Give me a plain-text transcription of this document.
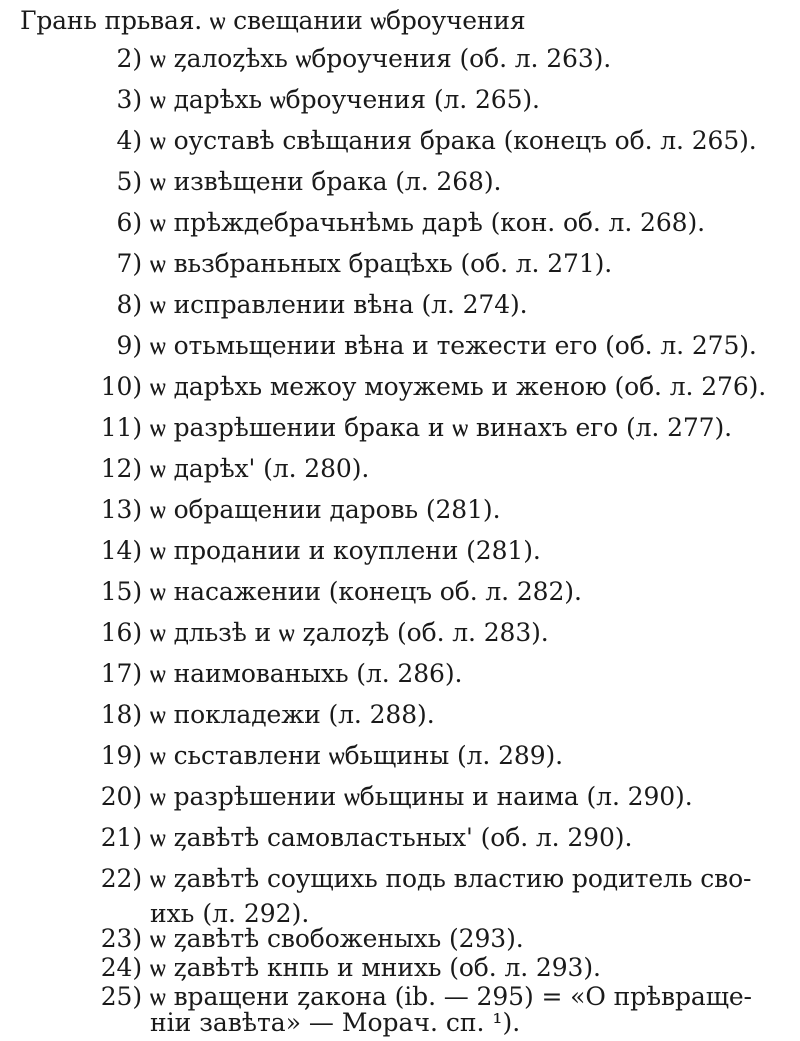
Грань прьвая. ѡ свещании ѡброучения
2) ѡ ȥалоȥѣхь ѡброучения (об. л. 263).
3) ѡ дарѣхь ѡброучения (л. 265).
4) ѡ оуставѣ свѣщания брака (конецъ об. л. 265).
5) ѡ извѣщени брака (л. 268).
6) ѡ прѣждебрачьнѣмь дарѣ (кон. об. л. 268).
7) ѡ вьзбраньных брацѣхь (об. л. 271).
8) ѡ исправлении вѣна (л. 274).
9) ѡ отьмьщении вѣна и тежести его (об. л. 275).
10) ѡ дарѣхь межоу моужемь и женою (об. л. 276).
11) ѡ разрѣшении брака и ѡ винахъ его (л. 277).
12) ѡ дарѣх' (л. 280).
13) ѡ обращении даровь (281).
14) ѡ продании и коуплени (281).
15) ѡ насажении (конецъ об. л. 282).
16) ѡ дльзѣ и ѡ ȥалоȥѣ (об. л. 283).
17) ѡ наимованыхь (л. 286).
18) ѡ покладежи (л. 288).
19) ѡ сьставлени ѡбьщины (л. 289).
20) ѡ разрѣшении ѡбьщины и наима (л. 290).
21) ѡ ȥавѣтѣ самовластьных' (об. л. 290).
22) ѡ ȥавѣтѣ соущихь подь властию родитель сво-
ихь (л. 292).
23) ѡ ȥавѣтѣ свобоженыхь (293).
24) ѡ ȥавѣтѣ кнпь и мнихь (об. л. 293).
25) ѡ вращени ȥакона (ib. — 295) = «О прѣвраще-
нiи завѣта» — Морач. сп. ¹).
